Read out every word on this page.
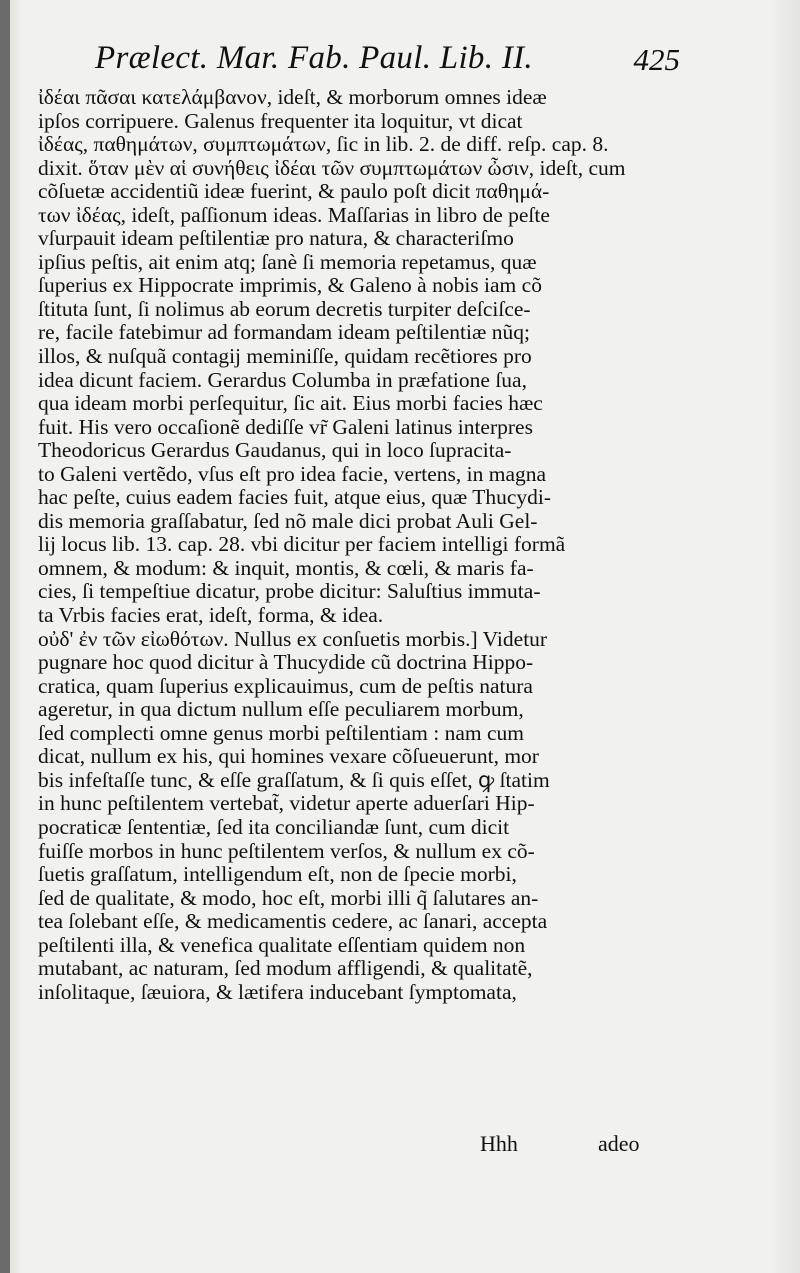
Prælect. Mar. Fab. Paul. Lib. II.	425
ἰδέαι πᾶσαι κατελάμβανον, ideſt, & morborum omnes ideæ
ipſos corripuere. Galenus frequenter ita loquitur, vt dicat
ἰδέας, παθημάτων, συμπτωμάτων, ſic in lib. 2. de diff. reſp. cap. 8.
dixit. ὅταν μὲν αἱ συνήθεις ἰδέαι τῶν συμπτωμάτων ὦσιν, ideſt, cum
cõſuetæ accidentiũ ideæ fuerint, & paulo poſt dicit παθημά-
των ἰδέας, ideſt, paſſionum ideas. Maſſarias in libro de peſte
vſurpauit ideam peſtilentiæ pro natura, & characteriſmo
ipſius peſtis, ait enim atq; ſanè ſi memoria repetamus, quæ
ſuperius ex Hippocrate imprimis, & Galeno à nobis iam cõ
ſtituta ſunt, ſi nolimus ab eorum decretis turpiter deſciſce-
re, facile fatebimur ad formandam ideam peſtilentiæ nũq;
illos, & nuſquã contagij meminiſſe, quidam recẽtiores pro
idea dicunt faciem. Gerardus Columba in præfatione ſua,
qua ideam morbi perſequitur, ſic ait. Eius morbi facies hæc
fuit. His vero occaſionẽ dediſſe vr̃ Galeni latinus interpres
Theodoricus Gerardus Gaudanus, qui in loco ſupracita-
to Galeni vertẽdo, vſus eſt pro idea facie, vertens, in magna
hac peſte, cuius eadem facies fuit, atque eius, quæ Thucydi-
dis memoria graſſabatur, ſed nõ male dici probat Auli Gel-
lij locus lib. 13. cap. 28. vbi dicitur per faciem intelligi formã
omnem, & modum: & inquit, montis, & cœli, & maris fa-
cies, ſi tempeſtiue dicatur, probe dicitur: Saluſtius immuta-
ta Vrbis facies erat, ideſt, forma, & idea.
οὐδ' ἐν τῶν εἰωθότων. Nullus ex conſuetis morbis.] Videtur
pugnare hoc quod dicitur à Thucydide cũ doctrina Hippo-
cratica, quam ſuperius explicauimus, cum de peſtis natura
ageretur, in qua dictum nullum eſſe peculiarem morbum,
ſed compleсti omne genus morbi peſtilentiam : nam cum
dicat, nullum ex his, qui homines vexare cõſueuerunt, mor
bis infeſtaſſe tunc, & eſſe graſſatum, & ſi quis eſſet, ꝙ ſtatim
in hunc peſtilentem vertebat̃, videtur aperte aduerſari Hip-
pocraticæ ſententiæ, ſed ita conciliandæ ſunt, cum dicit
fuiſſe morbos in hunc peſtilentem verſos, & nullum ex cõ-
ſuetis graſſatum, intelligendum eſt, non de ſpecie morbi,
ſed de qualitate, & modo, hoc eſt, morbi illi q̃ ſalutares an-
tea ſolebant eſſe, & medicamentis cedere, ac ſanari, accepta
peſtilenti illa, & venefica qualitate eſſentiam quidem non
mutabant, ac naturam, ſed modum affligendi, & qualitatẽ,
inſolitaque, ſæuiora, & lætifera inducebant ſymptomata,
Hhh	adeo
